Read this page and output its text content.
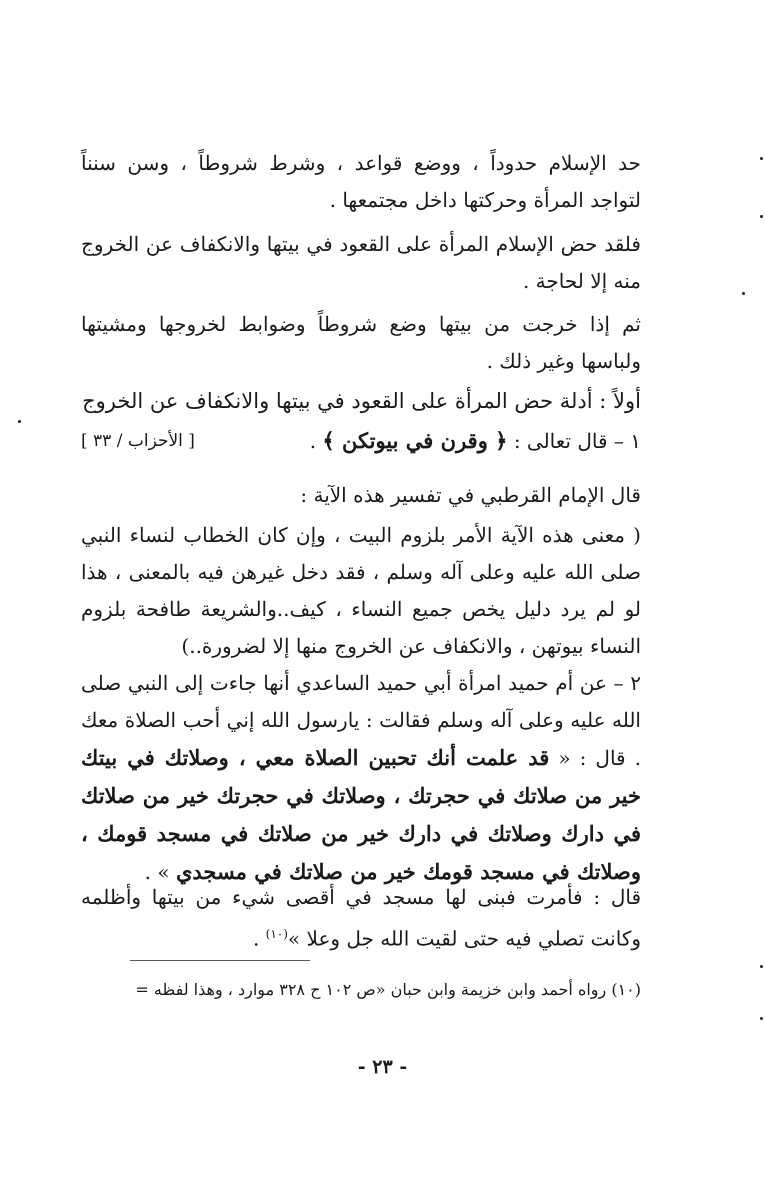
حد الإسلام حدوداً ، ووضع قواعد ، وشرط شروطاً ، وسن سنناً لتواجد المرأة وحركتها داخل مجتمعها .

فلقد حض الإسلام المرأة على القعود في بيتها والانكفاف عن الخروج منه إلا لحاجة .

ثم إذا خرجت من بيتها وضع شروطاً وضوابط لخروجها ومشيتها ولباسها وغير ذلك .

أولاً : أدلة حض المرأة على القعود في بيتها والانكفاف عن الخروج

١ – قال تعالى : ﴿ وقرن في بيوتكن ﴾ .
[ الأحزاب / ٣٣ ]

قال الإمام القرطبي في تفسير هذه الآية :

( معنى هذه الآية الأمر بلزوم البيت ، وإن كان الخطاب لنساء النبي صلى الله عليه وعلى آله وسلم ، فقد دخل غيرهن فيه بالمعنى ، هذا لو لم يرد دليل يخص جميع النساء ، كيف..والشريعة طافحة بلزوم النساء بيوتهن ، والانكفاف عن الخروج منها إلا لضرورة..)

٢ – عن أم حميد امرأة أبي حميد الساعدي أنها جاءت إلى النبي صلى الله عليه وعلى آله وسلم فقالت : يارسول الله إني أحب الصلاة معك . قال : « قد علمت أنك تحبين الصلاة معي ، وصلاتك في بيتك خير من صلاتك في حجرتك ، وصلاتك في حجرتك خير من صلاتك في دارك وصلاتك في دارك خير من صلاتك في مسجد قومك ، وصلاتك في مسجد قومك خير من صلاتك في مسجدي » .

قال : فأمرت فبنى لها مسجد في أقصى شيء من بيتها وأظلمه وكانت تصلي فيه حتى لقيت الله جل وعلا »$^{(١٠)}$ .

(١٠) رواه أحمد وابن خزيمة وابن حبان «ص ١٠٢ ح ٣٢٨ موارد ، وهذا لفظه =
- ٢٣ -
